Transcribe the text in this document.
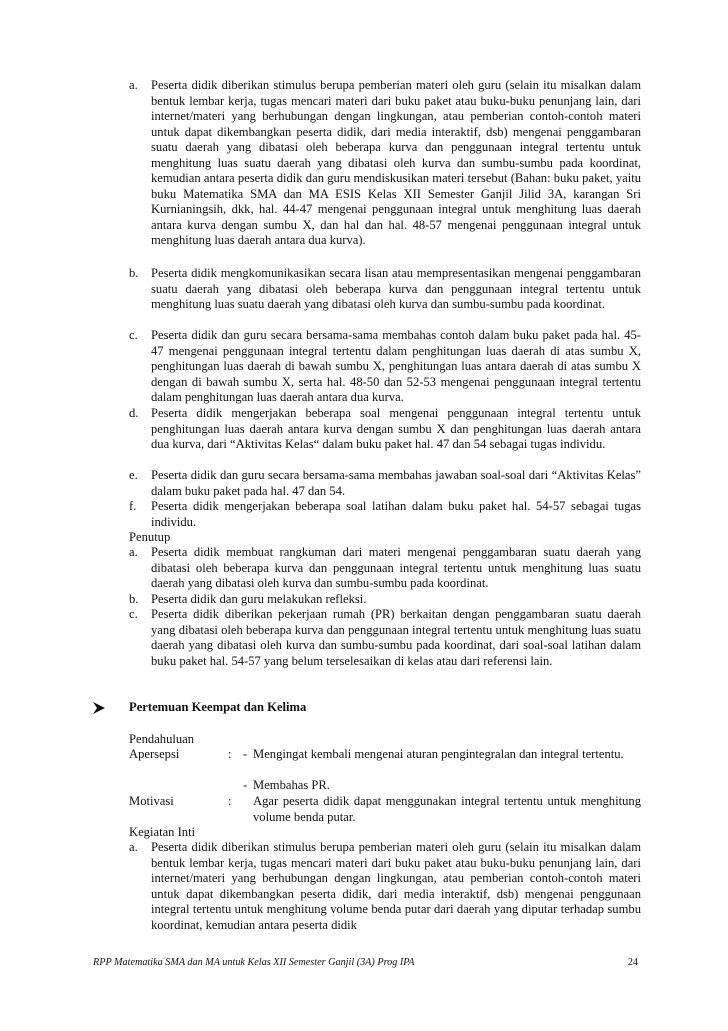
a.	Peserta didik diberikan stimulus berupa pemberian materi oleh guru (selain itu misalkan dalam bentuk lembar kerja, tugas mencari materi dari buku paket atau buku-buku penunjang lain, dari internet/materi yang berhubungan dengan lingkungan, atau pemberian contoh-contoh materi untuk dapat dikembangkan peserta didik, dari media interaktif, dsb) mengenai penggambaran suatu daerah yang dibatasi oleh beberapa kurva dan penggunaan integral tertentu untuk menghitung luas suatu daerah yang dibatasi oleh kurva dan sumbu-sumbu pada koordinat, kemudian antara peserta didik dan guru mendiskusikan materi tersebut (Bahan: buku paket, yaitu buku Matematika SMA dan MA ESIS Kelas XII Semester Ganjil Jilid 3A, karangan Sri Kurnianingsih, dkk, hal. 44-47 mengenai penggunaan integral untuk menghitung luas daerah antara kurva dengan sumbu X, dan hal dan hal. 48-57 mengenai penggunaan integral untuk menghitung luas daerah antara dua kurva).
b. Peserta didik mengkomunikasikan secara lisan atau mempresentasikan mengenai penggambaran suatu daerah yang dibatasi oleh beberapa kurva dan penggunaan integral tertentu untuk menghitung luas suatu daerah yang dibatasi oleh kurva dan sumbu-sumbu pada koordinat.
c.	Peserta didik dan guru secara bersama-sama membahas contoh dalam buku paket pada hal. 45-47 mengenai penggunaan integral tertentu dalam penghitungan luas daerah di atas sumbu X, penghitungan luas daerah di bawah sumbu X, penghitungan luas antara daerah di atas sumbu X dengan di bawah sumbu X, serta hal. 48-50 dan 52-53 mengenai penggunaan integral tertentu dalam penghitungan luas daerah antara dua kurva.
d. Peserta didik mengerjakan beberapa soal mengenai penggunaan integral tertentu untuk penghitungan luas daerah antara kurva dengan sumbu X dan penghitungan luas daerah antara dua kurva, dari “Aktivitas Kelas“ dalam buku paket hal. 47 dan 54 sebagai tugas individu.
e.	Peserta didik dan guru secara bersama-sama membahas jawaban soal-soal dari “Aktivitas Kelas” dalam buku paket pada hal. 47 dan 54.
f.	Peserta didik mengerjakan beberapa soal latihan dalam buku paket hal. 54-57 sebagai tugas individu.
Penutup
a.	Peserta didik membuat rangkuman dari materi mengenai penggambaran suatu daerah yang dibatasi oleh beberapa kurva dan penggunaan integral tertentu untuk menghitung luas suatu daerah yang dibatasi oleh kurva dan sumbu-sumbu pada koordinat.
b. Peserta didik dan guru melakukan refleksi.
c.	Peserta didik diberikan pekerjaan rumah (PR) berkaitan dengan penggambaran suatu daerah yang dibatasi oleh beberapa kurva dan penggunaan integral tertentu untuk menghitung luas suatu daerah yang dibatasi oleh kurva dan sumbu-sumbu pada koordinat, dari soal-soal latihan dalam buku paket hal. 54-57 yang belum terselesaikan di kelas atau dari referensi lain.
Pertemuan Keempat dan Kelima
Pendahuluan
Apersepsi	: - Mengingat kembali mengenai aturan pengintegralan dan integral tertentu.
- Membahas PR.
Motivasi	: Agar peserta didik dapat menggunakan integral tertentu untuk menghitung volume benda putar.
Kegiatan Inti
a.	Peserta didik diberikan stimulus berupa pemberian materi oleh guru (selain itu misalkan dalam bentuk lembar kerja, tugas mencari materi dari buku paket atau buku-buku penunjang lain, dari internet/materi yang berhubungan dengan lingkungan, atau pemberian contoh-contoh materi untuk dapat dikembangkan peserta didik, dari media interaktif, dsb) mengenai penggunaan integral tertentu untuk menghitung volume benda putar dari daerah yang diputar terhadap sumbu koordinat, kemudian antara peserta didik
RPP Matematika SMA dan MA untuk Kelas XII Semester Ganjil (3A) Prog IPA	24
